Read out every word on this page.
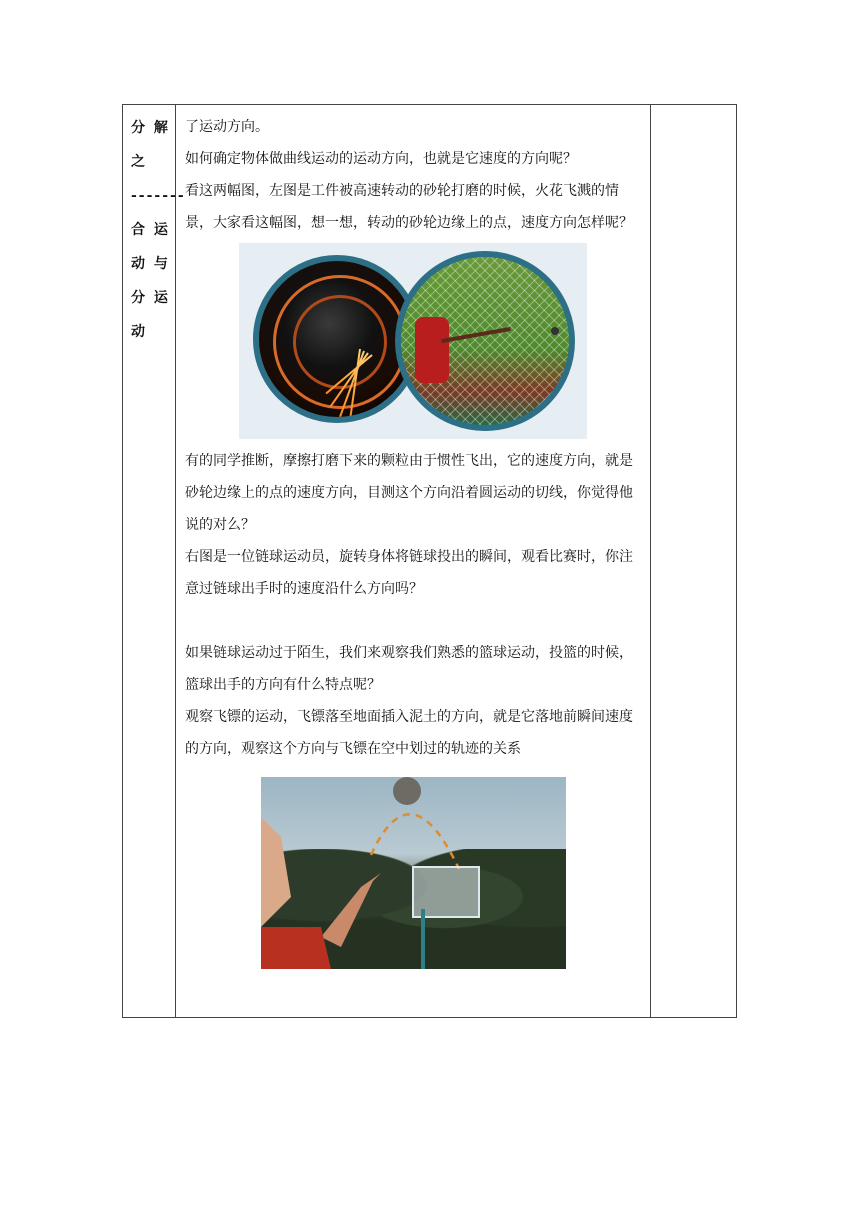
分 解
之
-------
合 运
动 与
分 运
动

了运动方向。

如何确定物体做曲线运动的运动方向，也就是它速度的方向呢？

看这两幅图，左图是工件被高速转动的砂轮打磨的时候，火花飞溅的情景，大家看这幅图，想一想，转动的砂轮边缘上的点，速度方向怎样呢？

有的同学推断，摩擦打磨下来的颗粒由于惯性飞出，它的速度方向，就是砂轮边缘上的点的速度方向，目测这个方向沿着圆运动的切线，你觉得他说的对么？

右图是一位链球运动员，旋转身体将链球投出的瞬间，观看比赛时，你注意过链球出手时的速度沿什么方向吗？

如果链球运动过于陌生，我们来观察我们熟悉的篮球运动，投篮的时候，篮球出手的方向有什么特点呢？

观察飞镖的运动，飞镖落至地面插入泥土的方向，就是它落地前瞬间速度的方向，观察这个方向与飞镖在空中划过的轨迹的关系
